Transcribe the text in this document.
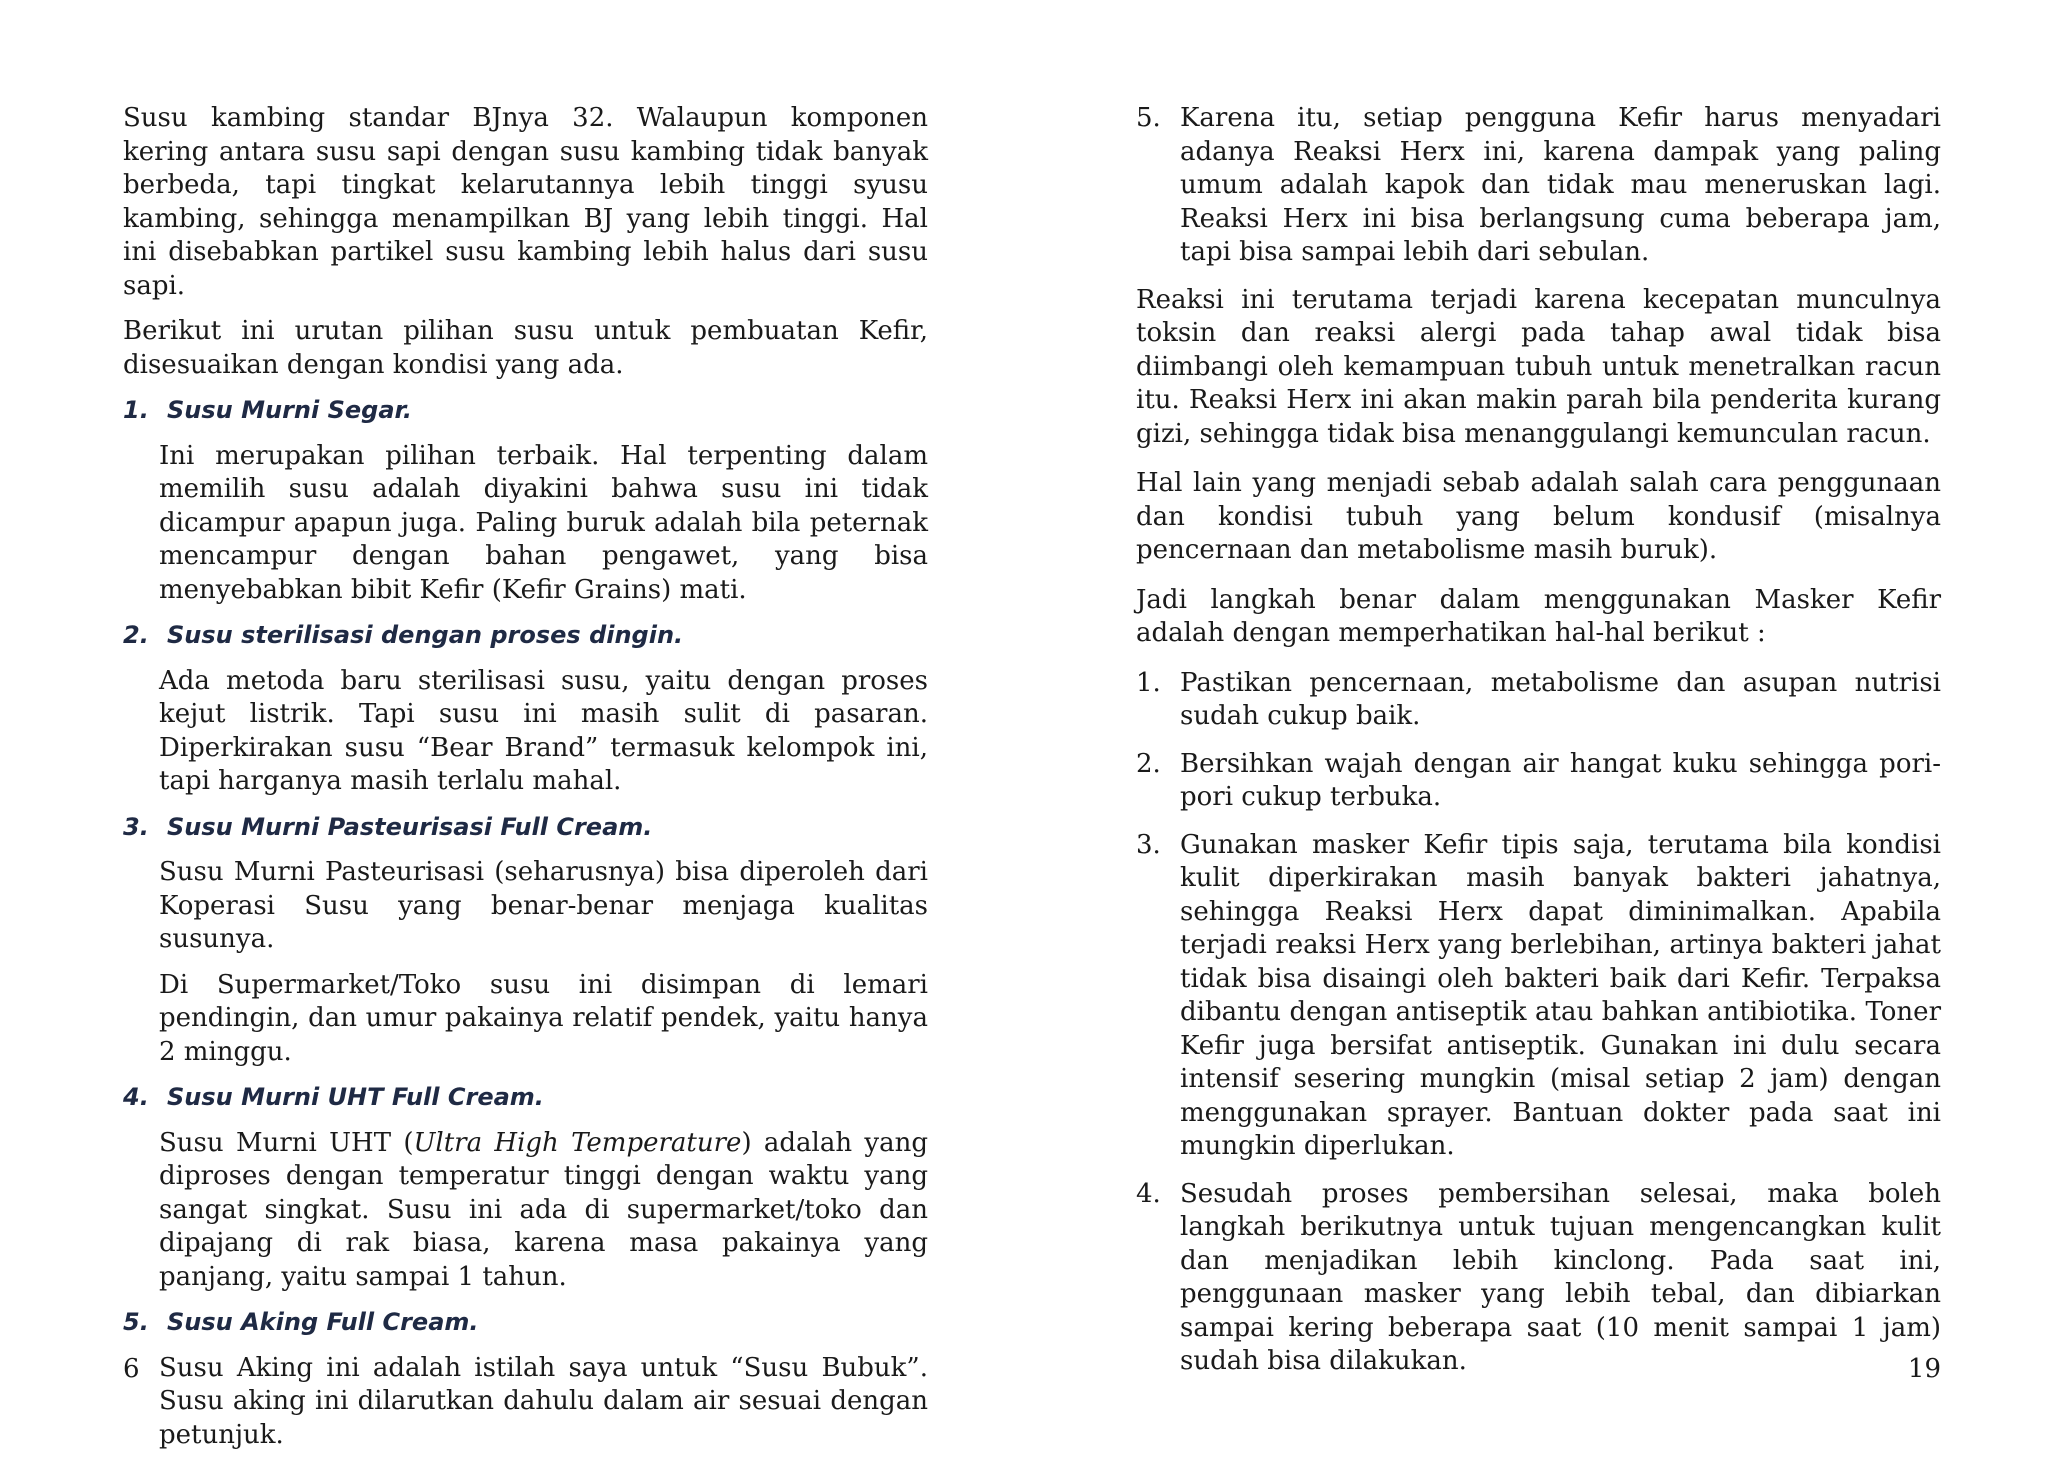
Susu kambing standar BJnya 32. Walaupun komponen kering antara susu sapi dengan susu kambing tidak banyak berbeda, tapi tingkat kelarutannya lebih tinggi syusu kambing, sehingga menampilkan BJ yang lebih tinggi. Hal ini disebabkan partikel susu kambing lebih halus dari susu sapi.

Berikut ini urutan pilihan susu untuk pembuatan Kefir, disesuaikan dengan kondisi yang ada.

1. Susu Murni Segar.

Ini merupakan pilihan terbaik. Hal terpenting dalam memilih susu adalah diyakini bahwa susu ini tidak dicampur apapun juga. Paling buruk adalah bila peternak mencampur dengan bahan pengawet, yang bisa menyebabkan bibit Kefir (Kefir Grains) mati.

2. Susu sterilisasi dengan proses dingin.

Ada metoda baru sterilisasi susu, yaitu dengan proses kejut listrik. Tapi susu ini masih sulit di pasaran. Diperkirakan susu “Bear Brand” termasuk kelompok ini, tapi harganya masih terlalu mahal.

3. Susu Murni Pasteurisasi Full Cream.

Susu Murni Pasteurisasi (seharusnya) bisa diperoleh dari Koperasi Susu yang benar-benar menjaga kualitas susunya.

Di Supermarket/Toko susu ini disimpan di lemari pendingin, dan umur pakainya relatif pendek, yaitu hanya 2 minggu.

4. Susu Murni UHT Full Cream.

Susu Murni UHT (Ultra High Temperature) adalah yang diproses dengan temperatur tinggi dengan waktu yang sangat singkat. Susu ini ada di supermarket/toko dan dipajang di rak biasa, karena masa pakainya yang panjang, yaitu sampai 1 tahun.

5. Susu Aking Full Cream.

Susu Aking ini adalah istilah saya untuk “Susu Bubuk”. Susu aking ini dilarutkan dahulu dalam air sesuai dengan petunjuk.

6
5. Karena itu, setiap pengguna Kefir harus menyadari adanya Reaksi Herx ini, karena dampak yang paling umum adalah kapok dan tidak mau meneruskan lagi. Reaksi Herx ini bisa berlangsung cuma beberapa jam, tapi bisa sampai lebih dari sebulan.

Reaksi ini terutama terjadi karena kecepatan munculnya toksin dan reaksi alergi pada tahap awal tidak bisa diimbangi oleh kemampuan tubuh untuk menetralkan racun itu. Reaksi Herx ini akan makin parah bila penderita kurang gizi, sehingga tidak bisa menanggulangi kemunculan racun.

Hal lain yang menjadi sebab adalah salah cara penggunaan dan kondisi tubuh yang belum kondusif (misalnya pencernaan dan metabolisme masih buruk).

Jadi langkah benar dalam menggunakan Masker Kefir adalah dengan memperhatikan hal-hal berikut :

1. Pastikan pencernaan, metabolisme dan asupan nutrisi sudah cukup baik.

2. Bersihkan wajah dengan air hangat kuku sehingga pori-pori cukup terbuka.

3. Gunakan masker Kefir tipis saja, terutama bila kondisi kulit diperkirakan masih banyak bakteri jahatnya, sehingga Reaksi Herx dapat diminimalkan. Apabila terjadi reaksi Herx yang berlebihan, artinya bakteri jahat tidak bisa disaingi oleh bakteri baik dari Kefir. Terpaksa dibantu dengan antiseptik atau bahkan antibiotika. Toner Kefir juga bersifat antiseptik. Gunakan ini dulu secara intensif sesering mungkin (misal setiap 2 jam) dengan menggunakan sprayer. Bantuan dokter pada saat ini mungkin diperlukan.

4. Sesudah proses pembersihan selesai, maka boleh langkah berikutnya untuk tujuan mengencangkan kulit dan menjadikan lebih kinclong. Pada saat ini, penggunaan masker yang lebih tebal, dan dibiarkan sampai kering beberapa saat (10 menit sampai 1 jam) sudah bisa dilakukan.	19
